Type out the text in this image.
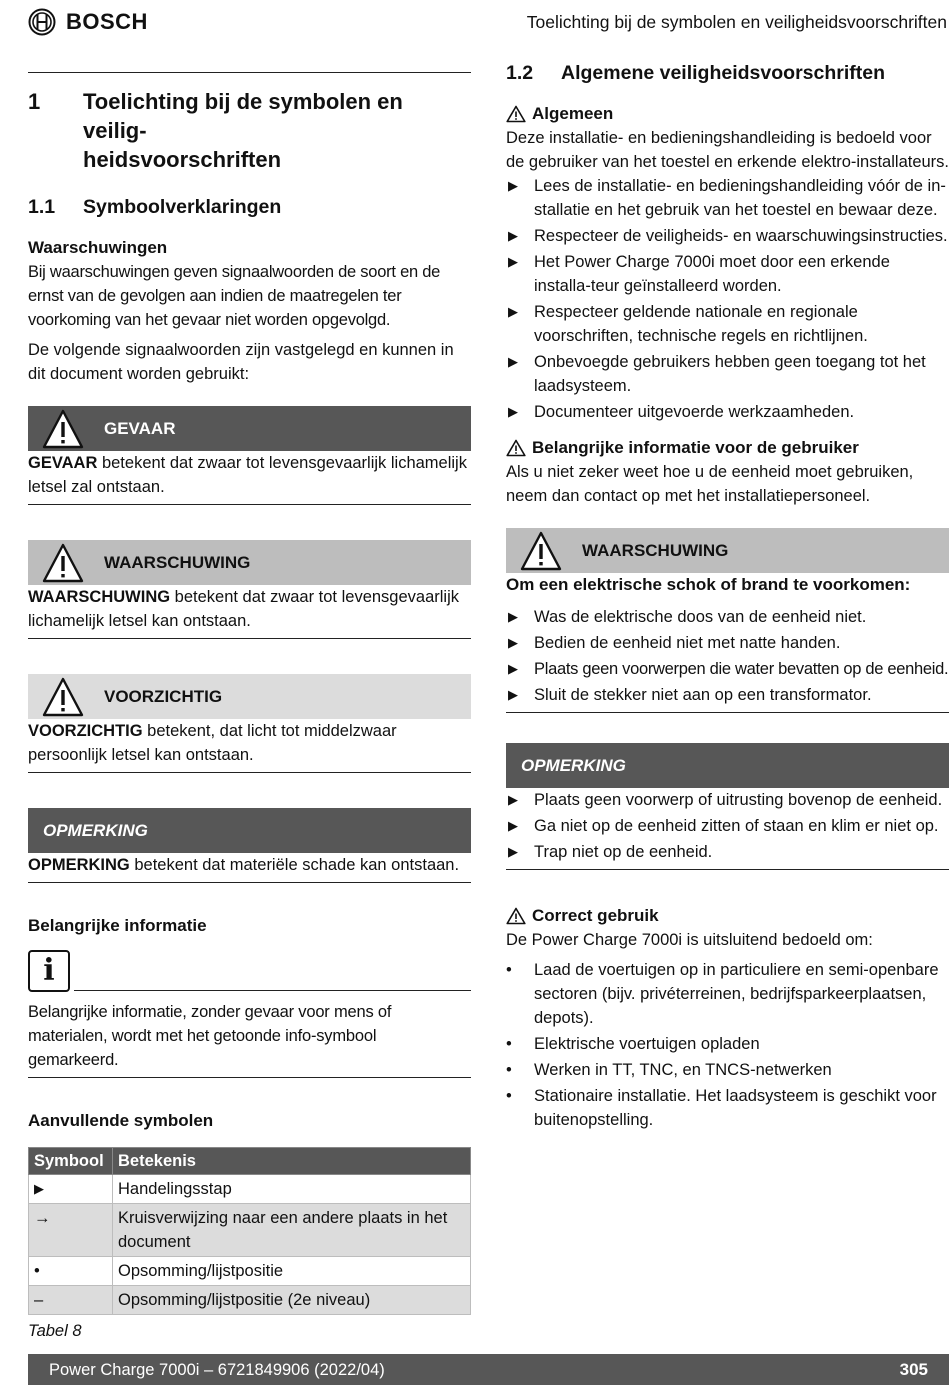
BOSCH	Toelichting bij de symbolen en veiligheidsvoorschriften
1	Toelichting bij de symbolen en veilig-
heidsvoorschriften
1.1	Symboolverklaringen
Waarschuwingen

Bij waarschuwingen geven signaalwoorden de soort en de ernst van de gevolgen aan indien de maatregelen ter voorkoming van het gevaar niet worden opgevolgd.

De volgende signaalwoorden zijn vastgelegd en kunnen in dit document worden gebruikt:

GEVAAR
GEVAAR betekent dat zwaar tot levensgevaarlijk lichamelijk letsel zal ontstaan.
WAARSCHUWING
WAARSCHUWING betekent dat zwaar tot levensgevaarlijk lichamelijk letsel kan ontstaan.
VOORZICHTIG
VOORZICHTIG betekent, dat licht tot middelzwaar persoonlijk letsel kan ontstaan.
OPMERKING
OPMERKING betekent dat materiële schade kan ontstaan.
Belangrijke informatie
i

Belangrijke informatie, zonder gevaar voor mens of materialen, wordt met het getoonde info-symbool gemarkeerd.

Aanvullende symbolen
Symbool	Betekenis
▶	Handelingsstap
→	Kruisverwijzing naar een andere plaats in het document
•	Opsomming/lijstpositie
–	Opsomming/lijstpositie (2e niveau)

Tabel 8

1.2	Algemene veiligheidsvoorschriften
Algemeen

Deze installatie- en bedieningshandleiding is bedoeld voor de gebruiker van het toestel en erkende elektro-installateurs.

▶ Lees de installatie- en bedieningshandleiding vóór de in-stallatie en het gebruik van het toestel en bewaar deze.
▶ Respecteer de veiligheids- en waarschuwingsinstructies.
▶ Het Power Charge 7000i moet door een erkende installa-teur geïnstalleerd worden.
▶ Respecteer geldende nationale en regionale voorschriften, technische regels en richtlijnen.
▶ Onbevoegde gebruikers hebben geen toegang tot het laadsysteem.
▶ Documenteer uitgevoerde werkzaamheden.
Belangrijke informatie voor de gebruiker

Als u niet zeker weet hoe u de eenheid moet gebruiken, neem dan contact op met het installatiepersoneel.

WAARSCHUWING
Om een elektrische schok of brand te voorkomen:
▶ Was de elektrische doos van de eenheid niet.
▶ Bedien de eenheid niet met natte handen.
▶ Plaats geen voorwerpen die water bevatten op de eenheid.
▶ Sluit de stekker niet aan op een transformator.
OPMERKING
▶ Plaats geen voorwerp of uitrusting bovenop de eenheid.
▶ Ga niet op de eenheid zitten of staan en klim er niet op.
▶ Trap niet op de eenheid.
Correct gebruik

De Power Charge 7000i is uitsluitend bedoeld om:

• Laad de voertuigen op in particuliere en semi-openbare sectoren (bijv. privéterreinen, bedrijfsparkeerplaatsen, depots).
• Elektrische voertuigen opladen
• Werken in TT, TNC, en TNCS-netwerken
• Stationaire installatie. Het laadsysteem is geschikt voor buitenopstelling.
Power Charge 7000i – 6721849906 (2022/04)	305
